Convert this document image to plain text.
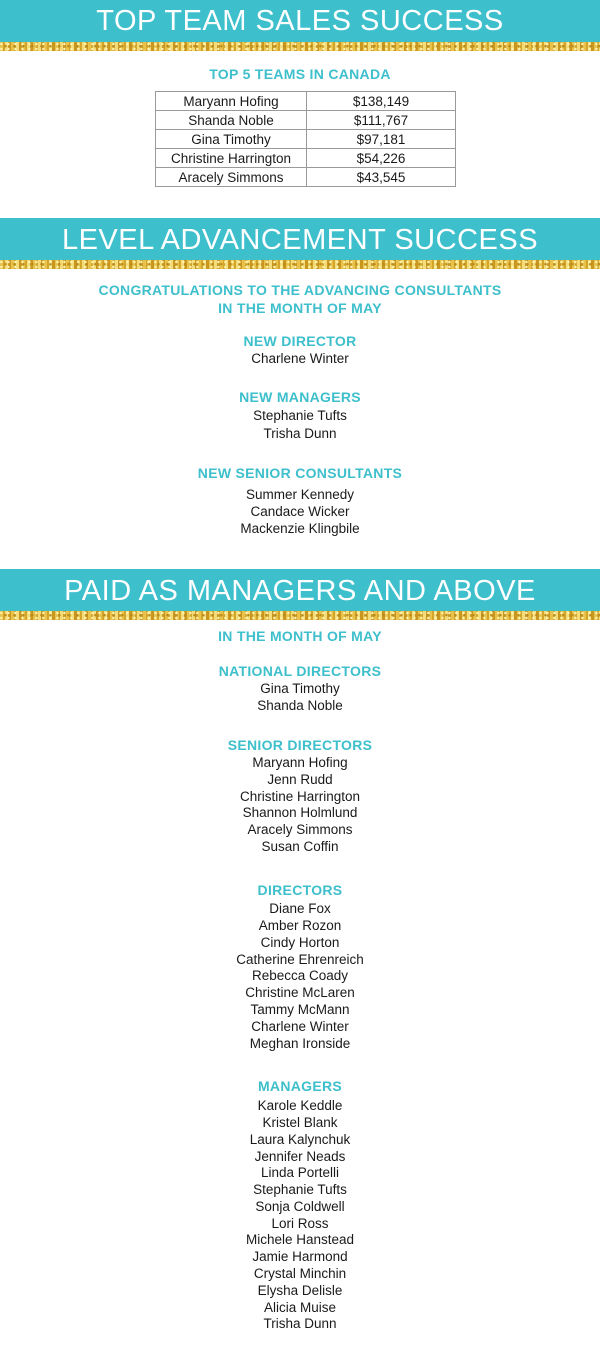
TOP TEAM SALES SUCCESS
TOP 5 TEAMS IN CANADA
Maryann Hofing	$138,149
Shanda Noble	$111,767
Gina Timothy	$97,181
Christine Harrington	$54,226
Aracely Simmons	$43,545
LEVEL ADVANCEMENT SUCCESS
CONGRATULATIONS TO THE ADVANCING CONSULTANTS
IN THE MONTH OF MAY
NEW DIRECTOR
Charlene Winter
NEW MANAGERS
Stephanie Tufts
Trisha Dunn
NEW SENIOR CONSULTANTS
Summer Kennedy
Candace Wicker
Mackenzie Klingbile
PAID AS MANAGERS AND ABOVE
IN THE MONTH OF MAY
NATIONAL DIRECTORS
Gina Timothy
Shanda Noble
SENIOR DIRECTORS
Maryann Hofing
Jenn Rudd
Christine Harrington
Shannon Holmlund
Aracely Simmons
Susan Coffin
DIRECTORS
Diane Fox
Amber Rozon
Cindy Horton
Catherine Ehrenreich
Rebecca Coady
Christine McLaren
Tammy McMann
Charlene Winter
Meghan Ironside
MANAGERS
Karole Keddle
Kristel Blank
Laura Kalynchuk
Jennifer Neads
Linda Portelli
Stephanie Tufts
Sonja Coldwell
Lori Ross
Michele Hanstead
Jamie Harmond
Crystal Minchin
Elysha Delisle
Alicia Muise
Trisha Dunn
